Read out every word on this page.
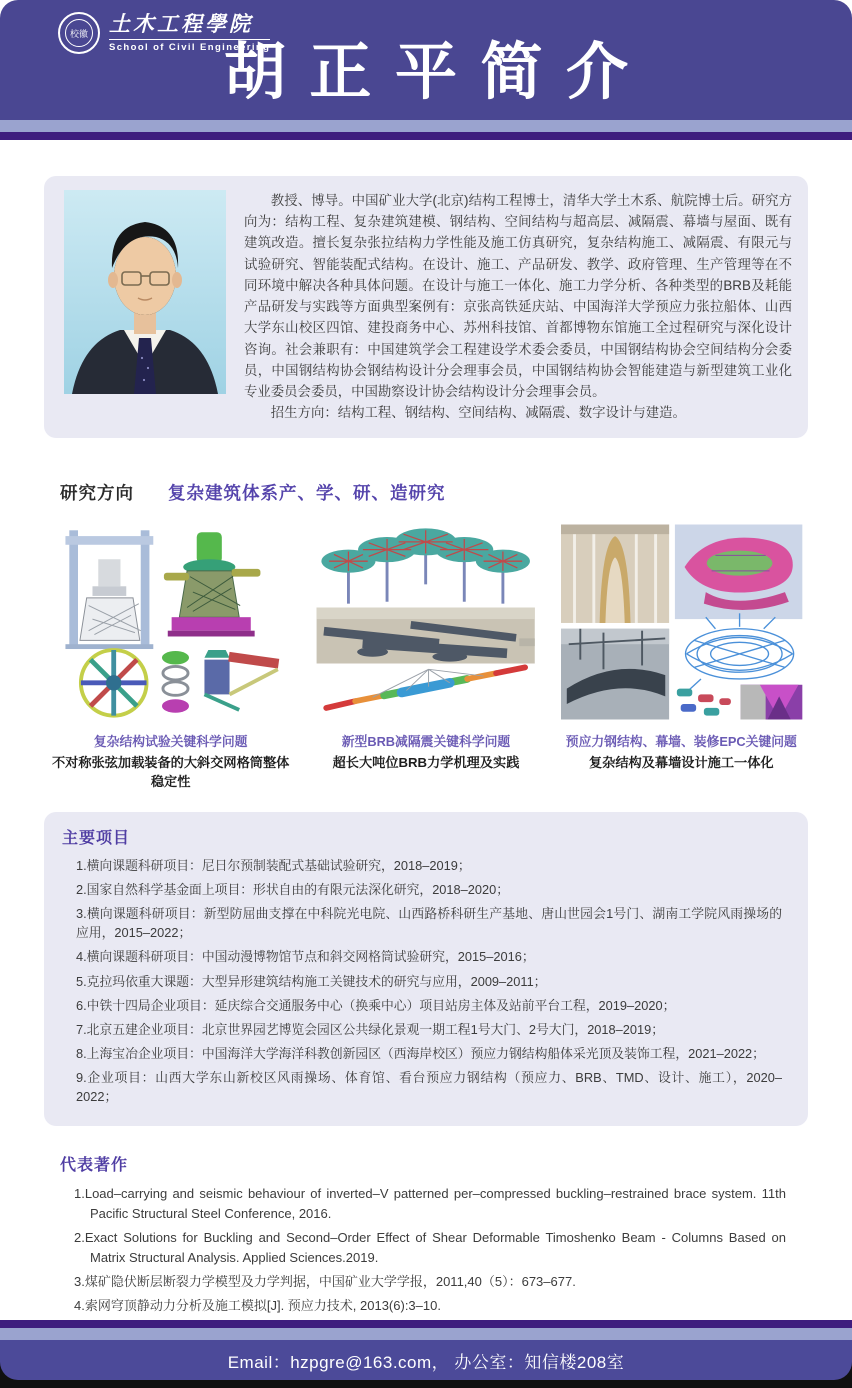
校徽 土木工程學院
School of Civil Engineering
胡正平简介

教授、博导。中国矿业大学(北京)结构工程博士，清华大学土木系、航院博士后。研究方向为：结构工程、复杂建筑建模、钢结构、空间结构与超高层、减隔震、幕墙与屋面、既有建筑改造。擅长复杂张拉结构力学性能及施工仿真研究，复杂结构施工、减隔震、有限元与试验研究、智能装配式结构。在设计、施工、产品研发、教学、政府管理、生产管理等在不同环境中解决各种具体问题。在设计与施工一体化、施工力学分析、各种类型的BRB及耗能产品研发与实践等方面典型案例有：京张高铁延庆站、中国海洋大学预应力张拉船体、山西大学东山校区四馆、建投商务中心、苏州科技馆、首都博物东馆施工全过程研究与深化设计咨询。社会兼职有：中国建筑学会工程建设学术委会委员，中国钢结构协会空间结构分会委员，中国钢结构协会钢结构设计分会理事会员，中国钢结构协会智能建造与新型建筑工业化专业委员会委员，中国勘察设计协会结构设计分会理事会员。

招生方向：结构工程、钢结构、空间结构、减隔震、数字设计与建造。

研究方向 复杂建筑体系产、学、研、造研究
复杂结构试验关键科学问题
不对称张弦加载装备的大斜交网格筒整体稳定性
新型BRB减隔震关键科学问题
超长大吨位BRB力学机理及实践
预应力钢结构、幕墙、装修EPC关键问题
复杂结构及幕墙设计施工一体化
主要项目
1.横向课题科研项目：尼日尔预制装配式基础试验研究，2018–2019；
2.国家自然科学基金面上项目：形状自由的有限元法深化研究，2018–2020；
3.横向课题科研项目：新型防屈曲支撑在中科院光电院、山西路桥科研生产基地、唐山世园会1号门、湖南工学院风雨操场的应用，2015–2022；
4.横向课题科研项目：中国动漫博物馆节点和斜交网格筒试验研究，2015–2016；
5.克拉玛依重大课题：大型异形建筑结构施工关键技术的研究与应用，2009–2011；
6.中铁十四局企业项目：延庆综合交通服务中心（换乘中心）项目站房主体及站前平台工程，2019–2020；
7.北京五建企业项目：北京世界园艺博览会园区公共绿化景观一期工程1号大门、2号大门，2018–2019；
8.上海宝冶企业项目：中国海洋大学海洋科教创新园区（西海岸校区）预应力钢结构船体采光顶及装饰工程，2021–2022；
9.企业项目：山西大学东山新校区风雨操场、体育馆、看台预应力钢结构（预应力、BRB、TMD、设计、施工），2020–2022；
代表著作
1.Load–carrying and seismic behaviour of inverted–V patterned per–compressed buckling–restrained brace system. 11th Pacific Structural Steel Conference, 2016.
2.Exact Solutions for Buckling and Second–Order Effect of Shear Deformable Timoshenko Beam - Columns Based on Matrix Structural Analysis. Applied Sciences.2019.
3.煤矿隐伏断层断裂力学模型及力学判据，中国矿业大学学报，2011,40（5）：673–677.
4.索网穹顶静动力分析及施工模拟[J]. 预应力技术, 2013(6):3–10.
Email：hzpgre@163.com， 办公室：知信楼208室
